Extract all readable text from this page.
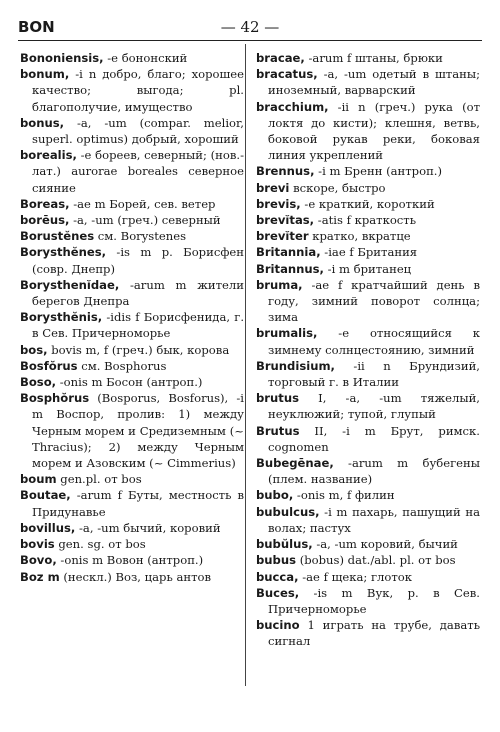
BON	— 42 —

Bononiensis, -e бононский

bonum, -i n добро, благо; хорошее качество; выгода; pl. благополучие, имущество

bonus, -a, -um (compar. melior, superl. optimus) добрый, хороший

borealis, -e бореев, северный; (нов.-лат.) aurorae boreales северное сияние

Boreas, -ae m Борей, сев. ветер

borēus, -a, -um (греч.) северный

Borustĕnes см. Borystenes

Borysthĕnes, -is m р. Борисфен (совр. Днепр)

Borysthenĭdae, -arum m жители берегов Днепра

Borysthĕnis, -idis f Борисфенида, г. в Сев. Причерноморье

bos, bovis m, f (греч.) бык, корова

Bosfŏrus см. Bosphorus

Boso, -onis m Босон (антроп.)

Bosphŏrus (Bosporus, Bosforus), -i m Воспор, пролив: 1) между Черным морем и Средиземным (~ Thracius); 2) между Черным морем и Азовским (~ Cimmerius)

boum gen.pl. от bos

Boutae, -arum f Буты, местность в Придунавье

bovillus, -a, -um бычий, коровий

bovis gen. sg. от bos

Bovo, -onis m Вовон (антроп.)

Boz m (нескл.) Воз, царь антов

bracae, -arum f штаны, брюки

bracatus, -a, -um одетый в штаны; иноземный, варварский

bracchium, -ii n (греч.) рука (от локтя до кисти); клешня, ветвь, боковой рукав реки, боковая линия укреплений

Brennus, -i m Бренн (антроп.)

brevi вскоре, быстро

brevis, -e краткий, короткий

brevĭtas, -atis f краткость

brevĭter кратко, вкратце

Britannia, -iae f Британия

Britannus, -i m британец

bruma, -ae f кратчайший день в году, зимний поворот солнца; зима

brumalis, -e относящийся к зимнему солнцестоянию, зимний

Brundisium, -ii n Брундизий, торговый г. в Италии

brutus I, -a, -um тяжелый, неуклюжий; тупой, глупый

Brutus II, -i m Брут, римск. cognomen

Bubegēnae, -arum m бубегены (плем. название)

bubo, -onis m, f филин

bubulcus, -i m пахарь, пашущий на волах; пастух

bubŭlus, -a, -um коровий, бычий

bubus (bobus) dat./abl. pl. от bos

bucca, -ae f щека; глоток

Buces, -is m Вук, р. в Сев. Причерноморье

bucino 1 играть на трубе, давать сигнал
